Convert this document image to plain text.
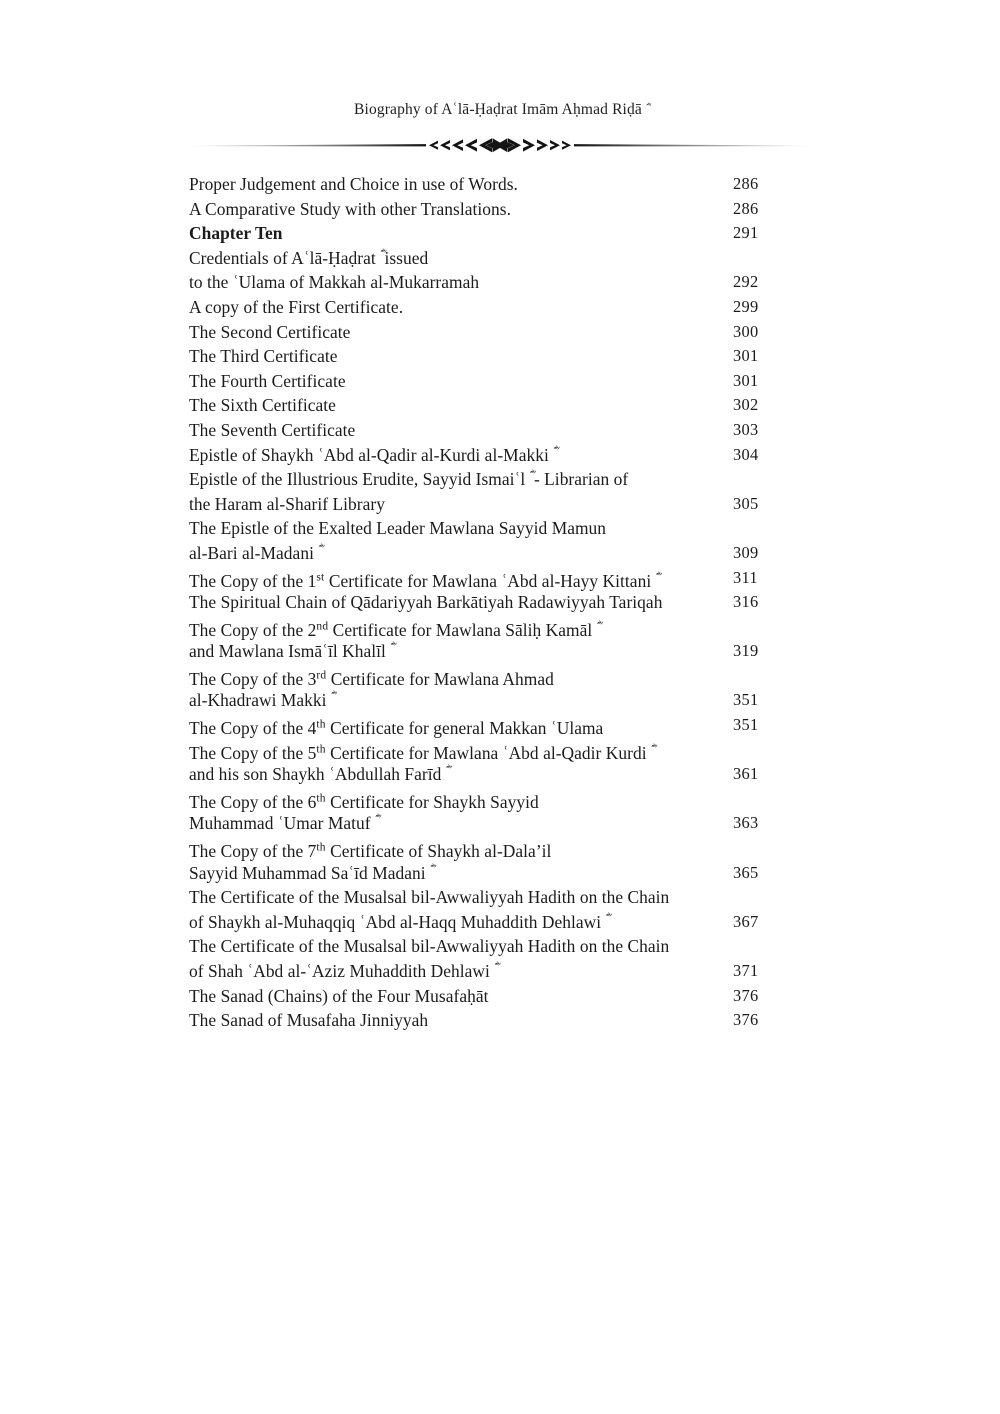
Biography of Aʿlā-Ḥaḍrat Imām Aḥmad Riḍā
Proper Judgement and Choice in use of Words.	286
A Comparative Study with other Translations.	286
Chapter Ten	291
Credentials of Aʿlā-Ḥaḍrat ؓ issued
to the ʿUlama of Makkah al-Mukarramah	292
A copy of the First Certificate.	299
The Second Certificate	300
The Third Certificate	301
The Fourth Certificate	301
The Sixth Certificate	302
The Seventh Certificate	303
Epistle of Shaykh ʿAbd al-Qadir al-Kurdi al-Makki ؓ	304
Epistle of the Illustrious Erudite, Sayyid Ismaiʿl ؓ - Librarian of
the Haram al-Sharif Library	305
The Epistle of the Exalted Leader Mawlana Sayyid Mamun
al-Bari al-Madani ؓ	309
The Copy of the 1st Certificate for Mawlana ʿAbd al-Hayy Kittani ؓ	311
The Spiritual Chain of Qādariyyah Barkātiyah Radawiyyah Tariqah	316
The Copy of the 2nd Certificate for Mawlana Sāliḥ Kamāl ؓ
and Mawlana Ismāʿīl Khalīl ؓ	319
The Copy of the 3rd Certificate for Mawlana Ahmad
al-Khadrawi Makki ؓ	351
The Copy of the 4th Certificate for general Makkan ʿUlama	351
The Copy of the 5th Certificate for Mawlana ʿAbd al-Qadir Kurdi ؓ
and his son Shaykh ʿAbdullah Farīd ؓ	361
The Copy of the 6th Certificate for Shaykh Sayyid
Muhammad ʿUmar Matuf ؓ	363
The Copy of the 7th Certificate of Shaykh al-Dala’il
Sayyid Muhammad Saʿīd Madani ؓ	365
The Certificate of the Musalsal bil-Awwaliyyah Hadith on the Chain
of Shaykh al-Muhaqqiq ʿAbd al-Haqq Muhaddith Dehlawi ؓ	367
The Certificate of the Musalsal bil-Awwaliyyah Hadith on the Chain
of Shah ʿAbd al-ʿAziz Muhaddith Dehlawi ؓ	371
The Sanad (Chains) of the Four Musafaḥāt	376
The Sanad of Musafaha Jinniyyah	376
